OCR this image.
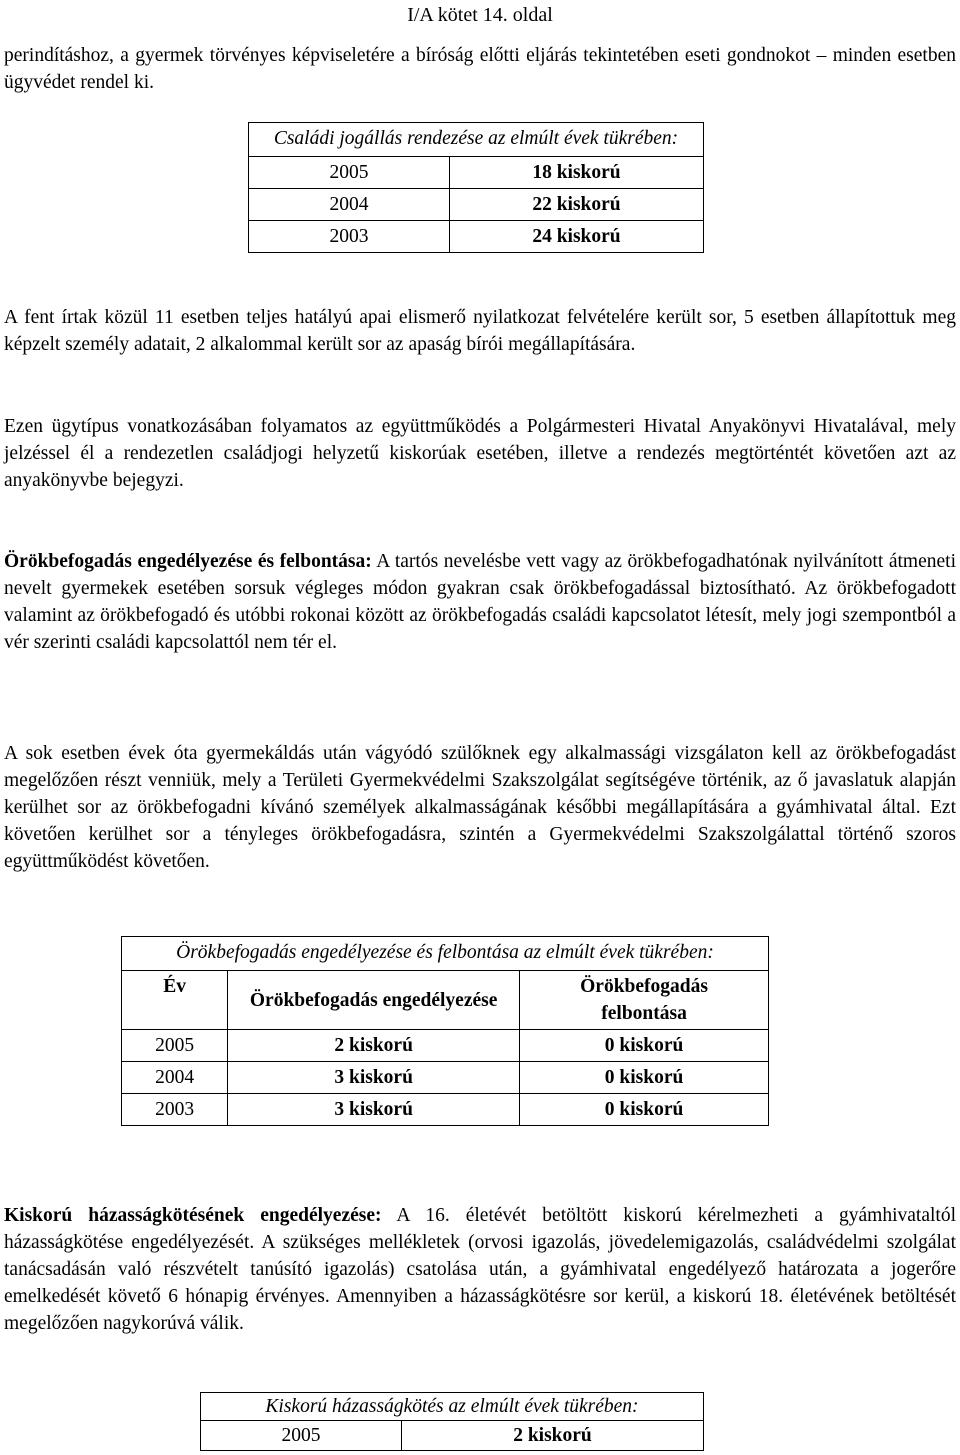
I/A kötet 14. oldal
perindításhoz, a gyermek törvényes képviseletére a bíróság előtti eljárás tekintetében eseti gondnokot – minden esetben ügyvédet rendel ki.
Családi jogállás rendezése az elmúlt évek tükrében:	
2005	18 kiskorú
2004	22 kiskorú
2003	24 kiskorú
A fent írtak közül 11 esetben teljes hatályú apai elismerő nyilatkozat felvételére került sor, 5 esetben állapítottuk meg képzelt személy adatait, 2 alkalommal került sor az apaság bírói megállapítására.
Ezen ügytípus vonatkozásában folyamatos az együttműködés a Polgármesteri Hivatal Anyakönyvi Hivatalával, mely jelzéssel él a rendezetlen családjogi helyzetű kiskorúak esetében, illetve a rendezés megtörténtét követően azt az anyakönyvbe bejegyzi.
Örökbefogadás engedélyezése és felbontása: A tartós nevelésbe vett vagy az örökbefogadhatónak nyilvánított átmeneti nevelt gyermekek esetében sorsuk végleges módon gyakran csak örökbefogadással biztosítható. Az örökbefogadott valamint az örökbefogadó és utóbbi rokonai között az örökbefogadás családi kapcsolatot létesít, mely jogi szempontból a vér szerinti családi kapcsolattól nem tér el.
A sok esetben évek óta gyermekáldás után vágyódó szülőknek egy alkalmassági vizsgálaton kell az örökbefogadást megelőzően részt venniük, mely a Területi Gyermekvédelmi Szakszolgálat segítségéve történik, az ő javaslatuk alapján kerülhet sor az örökbefogadni kívánó személyek alkalmasságának későbbi megállapítására a gyámhivatal által. Ezt követően kerülhet sor a tényleges örökbefogadásra, szintén a Gyermekvédelmi Szakszolgálattal történő szoros együttműködést követően.
Örökbefogadás engedélyezése és felbontása az elmúlt évek tükrében:		
Év	Örökbefogadás engedélyezése	Örökbefogadás felbontása
2005	2 kiskorú	0 kiskorú
2004	3 kiskorú	0 kiskorú
2003	3 kiskorú	0 kiskorú
Kiskorú házasságkötésének engedélyezése: A 16. életévét betöltött kiskorú kérelmezheti a gyámhivataltól házasságkötése engedélyezését. A szükséges mellékletek (orvosi igazolás, jövedelemigazolás, családvédelmi szolgálat tanácsadásán való részvételt tanúsító igazolás) csatolása után, a gyámhivatal engedélyező határozata a jogerőre emelkedését követő 6 hónapig érvényes. Amennyiben a házasságkötésre sor kerül, a kiskorú 18. életévének betöltését megelőzően nagykorúvá válik.
Kiskorú házasságkötés az elmúlt évek tükrében:
2005	2 kiskorú
